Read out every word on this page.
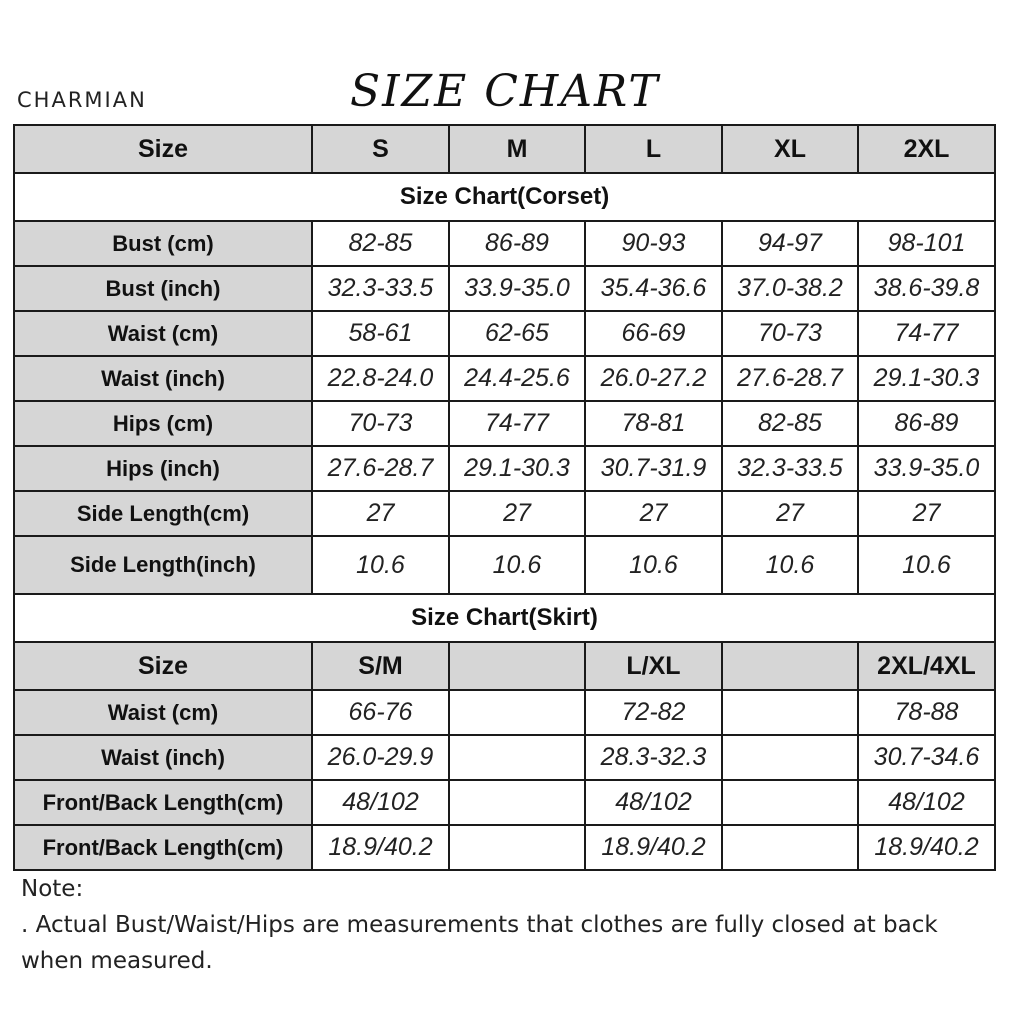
CHARMIAN	SIZE CHART
Size	S	M	L	XL	2XL
Size Chart(Corset)					
Bust (cm)	82-85	86-89	90-93	94-97	98-101
Bust (inch)	32.3-33.5	33.9-35.0	35.4-36.6	37.0-38.2	38.6-39.8
Waist (cm)	58-61	62-65	66-69	70-73	74-77
Waist (inch)	22.8-24.0	24.4-25.6	26.0-27.2	27.6-28.7	29.1-30.3
Hips (cm)	70-73	74-77	78-81	82-85	86-89
Hips (inch)	27.6-28.7	29.1-30.3	30.7-31.9	32.3-33.5	33.9-35.0
Side Length(cm)	27	27	27	27	27
Side Length(inch)	10.6	10.6	10.6	10.6	10.6
Size Chart(Skirt)					
Size	S/M		L/XL		2XL/4XL
Waist (cm)	66-76		72-82		78-88
Waist (inch)	26.0-29.9		28.3-32.3		30.7-34.6
Front/Back Length(cm)	48/102		48/102		48/102
Front/Back Length(cm)	18.9/40.2		18.9/40.2		18.9/40.2
Note:
. Actual Bust/Waist/Hips are measurements that clothes are fully closed at back
when measured.
